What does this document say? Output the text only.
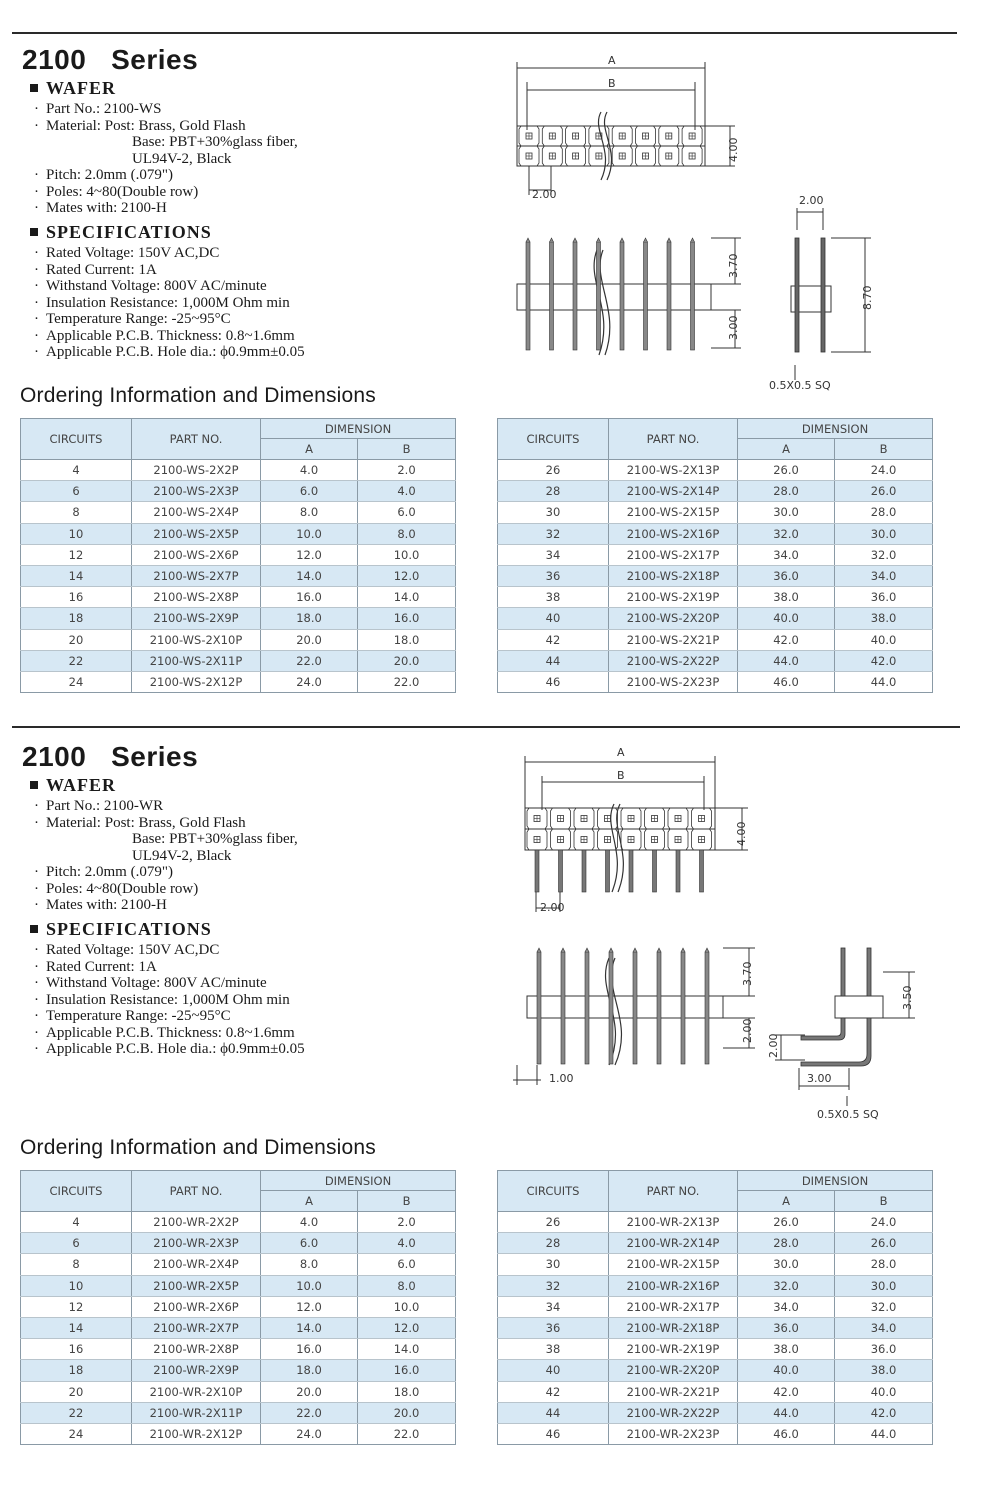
2100   Series
WAFER
· Part No.: 2100-WS
· Material: Post: Brass, Gold Flash
Base: PBT+30%glass fiber,
UL94V-2, Black
· Pitch: 2.0mm (.079")
· Poles: 4~80(Double row)
· Mates with: 2100-H
SPECIFICATIONS
· Rated Voltage: 150V AC,DC
· Rated Current: 1A
· Withstand Voltage: 800V AC/minute
· Insulation Resistance: 1,000M Ohm min
· Temperature Range: -25~95°C
· Applicable P.C.B. Thickness: 0.8~1.6mm
· Applicable P.C.B. Hole dia.: ϕ0.9mm±0.05
Ordering Information and Dimensions
A
B
4.00
2.00
3.70
3.00
2.00
8.70
0.5X0.5 SQ
CIRCUITS	PART NO.	DIMENSION	
		A	B
4	2100-WS-2X2P	4.0	2.0
6	2100-WS-2X3P	6.0	4.0
8	2100-WS-2X4P	8.0	6.0
10	2100-WS-2X5P	10.0	8.0
12	2100-WS-2X6P	12.0	10.0
14	2100-WS-2X7P	14.0	12.0
16	2100-WS-2X8P	16.0	14.0
18	2100-WS-2X9P	18.0	16.0
20	2100-WS-2X10P	20.0	18.0
22	2100-WS-2X11P	22.0	20.0
24	2100-WS-2X12P	24.0	22.0
CIRCUITS	PART NO.	DIMENSION	
		A	B
26	2100-WS-2X13P	26.0	24.0
28	2100-WS-2X14P	28.0	26.0
30	2100-WS-2X15P	30.0	28.0
32	2100-WS-2X16P	32.0	30.0
34	2100-WS-2X17P	34.0	32.0
36	2100-WS-2X18P	36.0	34.0
38	2100-WS-2X19P	38.0	36.0
40	2100-WS-2X20P	40.0	38.0
42	2100-WS-2X21P	42.0	40.0
44	2100-WS-2X22P	44.0	42.0
46	2100-WS-2X23P	46.0	44.0
2100   Series
WAFER
· Part No.: 2100-WR
· Material: Post: Brass, Gold Flash
Base: PBT+30%glass fiber,
UL94V-2, Black
· Pitch: 2.0mm (.079")
· Poles: 4~80(Double row)
· Mates with: 2100-H
SPECIFICATIONS
· Rated Voltage: 150V AC,DC
· Rated Current: 1A
· Withstand Voltage: 800V AC/minute
· Insulation Resistance: 1,000M Ohm min
· Temperature Range: -25~95°C
· Applicable P.C.B. Thickness: 0.8~1.6mm
· Applicable P.C.B. Hole dia.: ϕ0.9mm±0.05
Ordering Information and Dimensions
A
B
4.00
2.00
3.70
2.00
1.00
3.50
2.00
3.00
0.5X0.5 SQ
CIRCUITS	PART NO.	DIMENSION	
		A	B
4	2100-WR-2X2P	4.0	2.0
6	2100-WR-2X3P	6.0	4.0
8	2100-WR-2X4P	8.0	6.0
10	2100-WR-2X5P	10.0	8.0
12	2100-WR-2X6P	12.0	10.0
14	2100-WR-2X7P	14.0	12.0
16	2100-WR-2X8P	16.0	14.0
18	2100-WR-2X9P	18.0	16.0
20	2100-WR-2X10P	20.0	18.0
22	2100-WR-2X11P	22.0	20.0
24	2100-WR-2X12P	24.0	22.0
CIRCUITS	PART NO.	DIMENSION	
		A	B
26	2100-WR-2X13P	26.0	24.0
28	2100-WR-2X14P	28.0	26.0
30	2100-WR-2X15P	30.0	28.0
32	2100-WR-2X16P	32.0	30.0
34	2100-WR-2X17P	34.0	32.0
36	2100-WR-2X18P	36.0	34.0
38	2100-WR-2X19P	38.0	36.0
40	2100-WR-2X20P	40.0	38.0
42	2100-WR-2X21P	42.0	40.0
44	2100-WR-2X22P	44.0	42.0
46	2100-WR-2X23P	46.0	44.0
